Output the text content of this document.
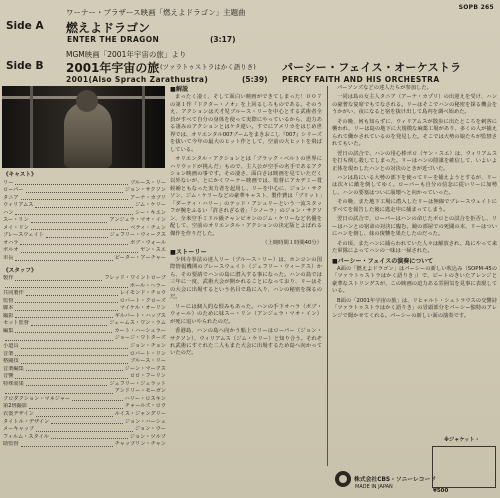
SOPB 265
ワーナー・ブラザース映画「燃えよドラゴン」主題曲
Side A 燃えよドラゴン
ENTER THE DRAGON	(3:17)
MGM映画「2001年宇宙の旅」より
Side B 2001年宇宙の旅 (ツァラトゥストラはかく語りき)
2001(Also Sprach Zarathustra)	(5:39)
パーシー・フェイス・オーケストラ
PERCY FAITH AND HIS ORCHESTRA
《キャスト》
リー	ブルース・リー
ローパー	ジョン・サクソン
タニア	アーナ・カプリ
ウィリアムス	ジム・ケリー
ハン	シー・キエン
スー・リン	アンジェラ・マオ・イン
メイ・リン	ベティ・チュン
ブレースウェイト	ジェフリー・ウィークス
オハラ	ボブ・ウォール
ボルオ	ヤン・スエ
市長	ピーター・アーチャー
《スタッフ》
製作	フレッド・ワイントローブ
ポール・ヘラー
共同製作	レイモンド・チョウ
監督	ロバート・クローズ
脚本	マイケル・オーリン
撮影	ギルバート・ハッブス
セット監督	ジェームス・ワン・ラム
編集	カート・ハーシュラー
ジョージ・ワトターズ
小道具	ジョン・チョン
音楽	ロバート・リン
格闘技	ブルース・リー
音楽編集	ジーン・マークス
音響	ロロ・フーリン
特殊効果	ジェフリー・ジェラット
アンドリー・モーガン
プロダクション・マネジャー	ハリー・ロスキン
第2班撮影	チャールズ・ロウ
衣裳デザイン	ルイス・ジャングリー
タイトル・デザイン	ジョン・ハーシュ
メーキャップ	ジョン・ウー
フィルム・スタイル	ジョン・ツルプ
助監督	チャップリン・チャン
■解説

まったく凄く、そして面白い映画ができてしまった！００７の第１作『ドクター・ノオ』を上回るしろものである。そのうえ、アクションは天才児ブルース・リーを中心とする武術者全員がすべて自分の身体を使って実際にやっているから、迫力ある凄みのアクションとはケタ違い。すでにアメリカをはじめ世界では、オリエンタル007ブームをまきおこし『007』シリーズを抜いて今年の最大のヒット作として、空前の大ヒットを飛ばしている。

オリエンタル・アクションとは「ブラック・ベルトの世界にハリウッドが挑んだ」もので、主人公が空手の名手であるアクション映画の事です。その凄さ、面白さは映画を見ていただく以外ないが、とにかくワーナー映画では、監督にアカデミー賞候補ともなった実力者を起用し、リーを中心に、ジョン・サクソン、ジム・ケリーなどの豪華キャスト、製作費は「ブリット」「ダーティ・ハリー」のテッド・アシュリーという一流スタッフが腕をふるい「許されざる者」「シノーラ」のジョン・サクソン、全米空手ミドル級チャンピオンのジム・ケリーなど名優を配して、空前のオリエンタル・アクションの決定版とよばれる傑作を作りだした。

（上映時間１時間40分）
■ストーリー

少林寺拳法の達人リー（ブルース・リー）は、ホンコンの国際情報機関のブレースウェイト（ジェフリー・ウィークス）から、その要請でハンの島に潜入する事になった。ハンの島では三年に一度、武術大会が開かれることになっており、リーはその大会に出場するという名目で島に入り、ハンの秘密を探るのだ。

リーには個人的な恨みもあった。ハンの手下オハラ（ボブ・ウォール）のために妹スー・リン（アンジェラ・マオ・イン）が死に追いやられたのだ。

香港島、ハンの島へ向かう船上でリーはローパー（ジョン・サクソン）、ウィリアムス（ジム・ケリー）と知り合う。それぞれ武術にすぐれた二人もまた大会に出場するため島へ向かっていたのだ。

パーソンズなどの達人たちが参加した。

一同は島の女主人タニア（アーナ・カプリ）の出迎えを受け、ハンの豪奢な宴席でもてなされる。リーはそこでハンの秘密を探る機会をうかがい、夜になると宿を抜け出して島内を調べ始めた。

その晩、何も知らずに、ウィリアムスが散歩に出たところを刺客に襲われ、リーは島の地下に大規模な麻薬工場があり、多くの人が捕えられて働かされているのを発見した。そこでは大勢の娘たちが監禁されてもいた。

翌日の試合で、ハンの用心棒ボロ（ヤン・スエ）は、ウィリアムスを打ち倒し殺してしまった。リーはハンの陰謀を確信して、いよいよ正体を現わしたハンとの対決のときが近づいた。

ハンは島にいる大勢の部下を使ってリーを捕えようとするが、リーは次々に敵を倒してゆく。ローパーも自分の信念に従いリーに加勢し、ハンの要塞はついに崩壊へと向かっていった。

その晩、また地下工場に潜入したリーは無線でブレースウェイトにすべてを報告した後に逃走中に捕まってしまう。

翌日の試合で、ローパーはハンの命じたボロとの試合を拒否し、リーはハンとの宿命の対決に臨む。鏡の部屋での死闘の末、リーはついにハンを倒し、妹の復讐を果たしたのだった。

その頃、またハンに捕らわれていた人々は解放され、島にやって来た軍隊によってハンの一味は一掃された。

■パーシー・フェイスの演奏について

A面の「燃えよドラゴン」はパーシーの新しい吹込み（SOPM-45の「ツァラトゥストラはかく語りき」）で、ビートのきいたアレンジと豪華なストリングスが、この映画の迫力ある雰囲気を見事に表現している。

B面の「2001年宇宙の旅」は、リヒャルト・シュトラウスの交響詩「ツァラトゥストラはかく語りき」の冒頭部分をパーシー独特のアレンジで聞かせてくれる。パーシーの新しい面の演奏です。

株式会社CBS・ソニーレコード
MADE IN JAPAN
※ジャケット・
¥500
